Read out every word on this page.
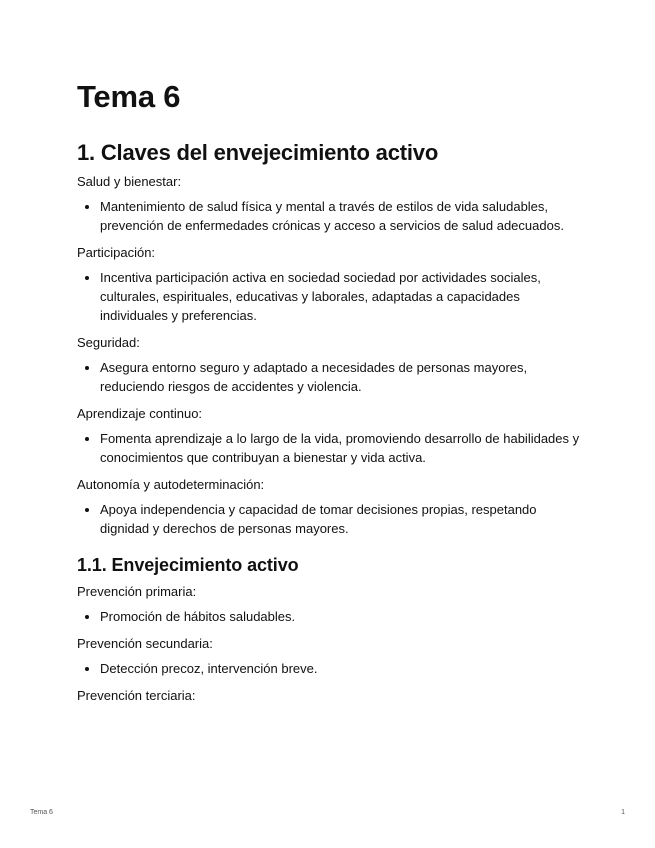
Tema 6
1. Claves del envejecimiento activo

Salud y bienestar:

• Mantenimiento de salud física y mental a través de estilos de vida saludables, prevención de enfermedades crónicas y acceso a servicios de salud adecuados.

Participación:

• Incentiva participación activa en sociedad sociedad por actividades sociales, culturales, espirituales, educativas y laborales, adaptadas a capacidades individuales y preferencias.

Seguridad:

• Asegura entorno seguro y adaptado a necesidades de personas mayores, reduciendo riesgos de accidentes y violencia.

Aprendizaje continuo:

• Fomenta aprendizaje a lo largo de la vida, promoviendo desarrollo de habilidades y conocimientos que contribuyan a bienestar y vida activa.

Autonomía y autodeterminación:

• Apoya independencia y capacidad de tomar decisiones propias, respetando dignidad y derechos de personas mayores.
1.1. Envejecimiento activo

Prevención primaria:

• Promoción de hábitos saludables.

Prevención secundaria:

• Detección precoz, intervención breve.

Prevención terciaria:

Tema 6	1
